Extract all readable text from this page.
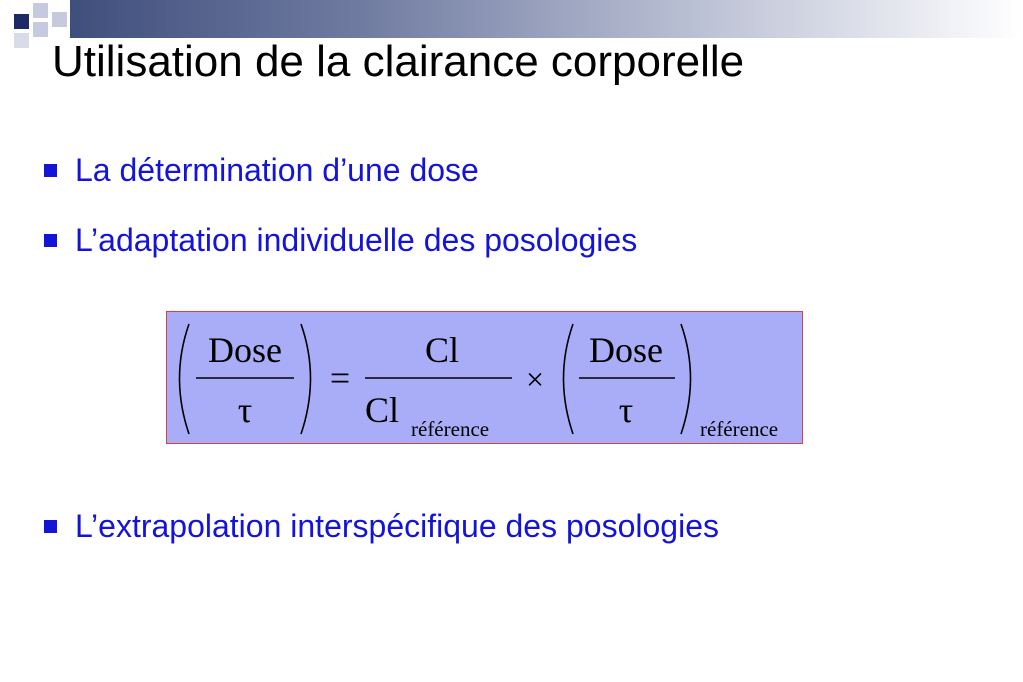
Utilisation de la clairance corporelle
La détermination d’une dose
L’adaptation individuelle des posologies
Dose
τ
=
Cl
Cl référence
×
Dose
τ	référence
L’extrapolation interspécifique des posologies
